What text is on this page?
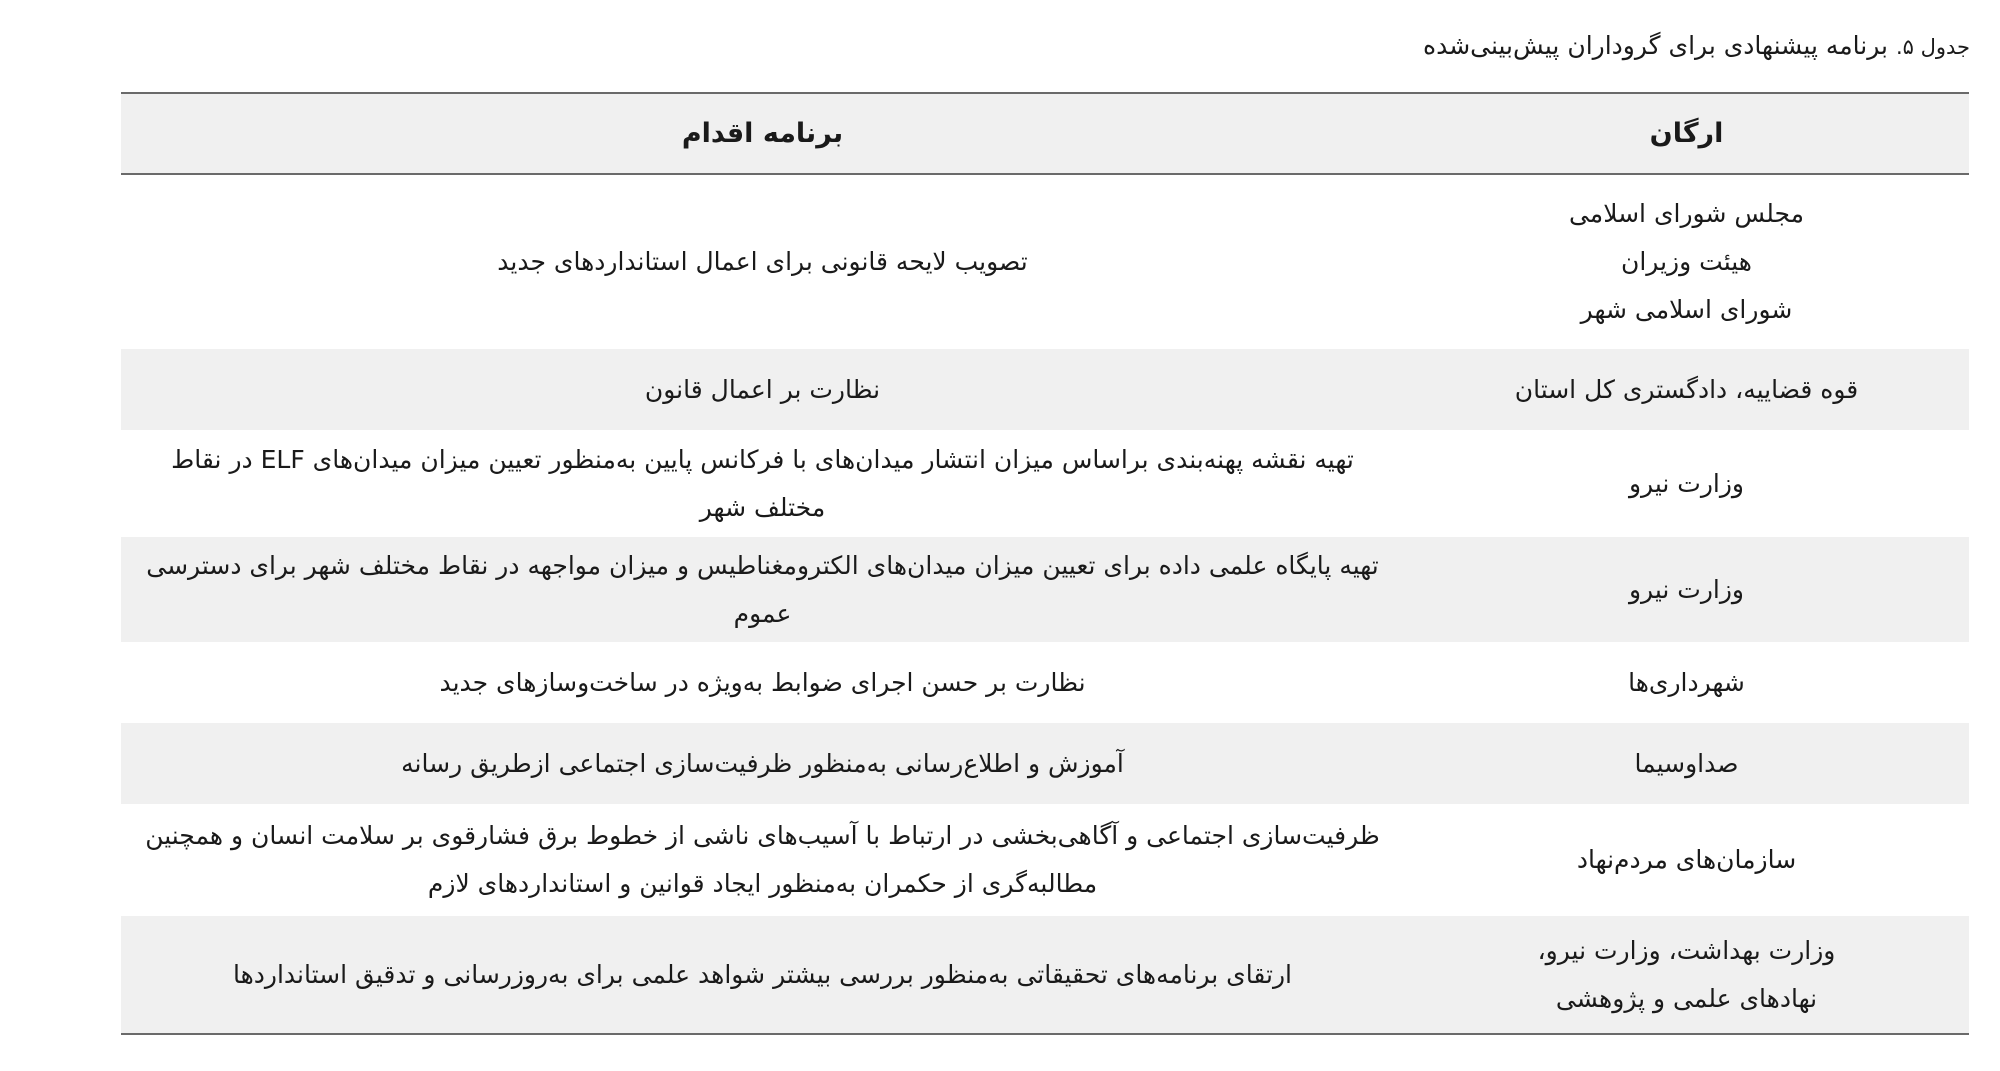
جدول ۵. برنامه پیشنهادی برای گروداران پیش‌بینی‌شده
ارگان	برنامه اقدام
مجلس شورای اسلامی
هیئت وزیران
شورای اسلامی شهر	تصویب لایحه قانونی برای اعمال استانداردهای جدید
قوه قضاییه، دادگستری کل استان	نظارت بر اعمال قانون
وزارت نیرو	تهیه نقشه پهنه‌بندی براساس میزان انتشار میدان‌های با فرکانس پایین به‌منظور تعیین میزان میدان‌های ELF در نقاط مختلف شهر
وزارت نیرو	تهیه پایگاه علمی داده برای تعیین میزان میدان‌های الکترومغناطیس و میزان مواجهه در نقاط مختلف شهر برای دسترسی عموم
شهرداری‌ها	نظارت بر حسن اجرای ضوابط به‌ویژه در ساخت‌وسازهای جدید
صداوسیما	آموزش و اطلاع‌رسانی به‌منظور ظرفیت‌سازی اجتماعی ازطریق رسانه
سازمان‌های مردم‌نهاد	ظرفیت‌سازی اجتماعی و آگاهی‌بخشی در ارتباط با آسیب‌های ناشی از خطوط برق فشارقوی بر سلامت انسان و همچنین مطالبه‌گری از حکمران به‌منظور ایجاد قوانین و استانداردهای لازم
وزارت بهداشت، وزارت نیرو،
نهادهای علمی و پژوهشی	ارتقای برنامه‌های تحقیقاتی به‌منظور بررسی بیشتر شواهد علمی برای به‌روزرسانی و تدقیق استانداردها
